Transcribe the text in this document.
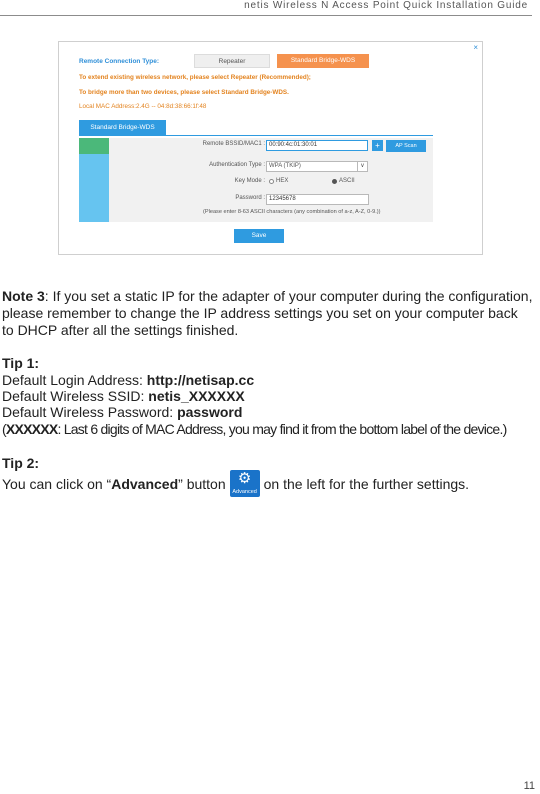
netis Wireless N Access Point Quick Installation Guide
×
Remote Connection Type:	Repeater	Standard Bridge-WDS
To extend existing wireless network, please select Repeater (Recommended);
To bridge more than two devices, please select Standard Bridge-WDS.
Local MAC Address:2.4G -- 04:8d:38:66:1f:48
Standard Bridge-WDS
Remote BSSID/MAC1 : 00:90:4c:01:30:01	+	AP Scan
Authentication Type : WPA (TKIP)	∨
Key Mode : HEX	ASCII
Password : 12345678
(Please enter 8-63 ASCII characters (any combination of a-z, A-Z, 0-9.))
Save
Note 3: If you set a static IP for the adapter of your computer during the configuration,
please remember to change the IP address settings you set on your computer back
to DHCP after all the settings finished.
Tip 1:
Default Login Address: http://netisap.cc
Default Wireless SSID: netis_XXXXXX
Default Wireless Password: password
(XXXXXX: Last 6 digits of MAC Address, you may find it from the bottom label of the device.)
Tip 2:
You can click on “Advanced” button ⚙
Advanced on the left for the further settings.
11
